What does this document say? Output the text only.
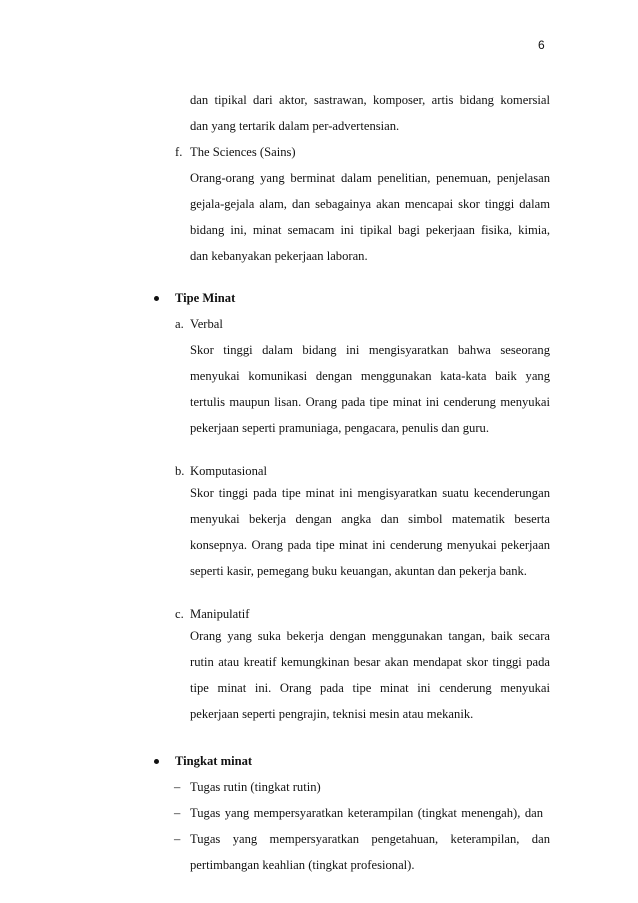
6
dan tipikal dari aktor, sastrawan, komposer, artis bidang komersial
dan yang tertarik dalam per-advertensian.
f. The Sciences (Sains)
Orang-orang yang berminat dalam penelitian, penemuan, penjelasan
gejala-gejala alam, dan sebagainya akan mencapai skor tinggi dalam
bidang ini, minat semacam ini tipikal bagi pekerjaan fisika, kimia,
dan kebanyakan pekerjaan laboran.
Tipe Minat
a. Verbal
Skor tinggi dalam bidang ini mengisyaratkan bahwa seseorang
menyukai komunikasi dengan menggunakan kata-kata baik yang
tertulis maupun lisan. Orang pada tipe minat ini cenderung menyukai
pekerjaan seperti pramuniaga, pengacara, penulis dan guru.
b. Komputasional
Skor tinggi pada tipe minat ini mengisyaratkan suatu kecenderungan
menyukai bekerja dengan angka dan simbol matematik beserta
konsepnya. Orang pada tipe minat ini cenderung menyukai pekerjaan
seperti kasir, pemegang buku keuangan, akuntan dan pekerja bank.
c. Manipulatif
Orang yang suka bekerja dengan menggunakan tangan, baik secara
rutin atau kreatif kemungkinan besar akan mendapat skor tinggi pada
tipe minat ini. Orang pada tipe minat ini cenderung menyukai
pekerjaan seperti pengrajin, teknisi mesin atau mekanik.
Tingkat minat
– Tugas rutin (tingkat rutin)
– Tugas yang mempersyaratkan keterampilan (tingkat menengah), dan
– Tugas yang mempersyaratkan pengetahuan, keterampilan, dan
pertimbangan keahlian (tingkat profesional).
